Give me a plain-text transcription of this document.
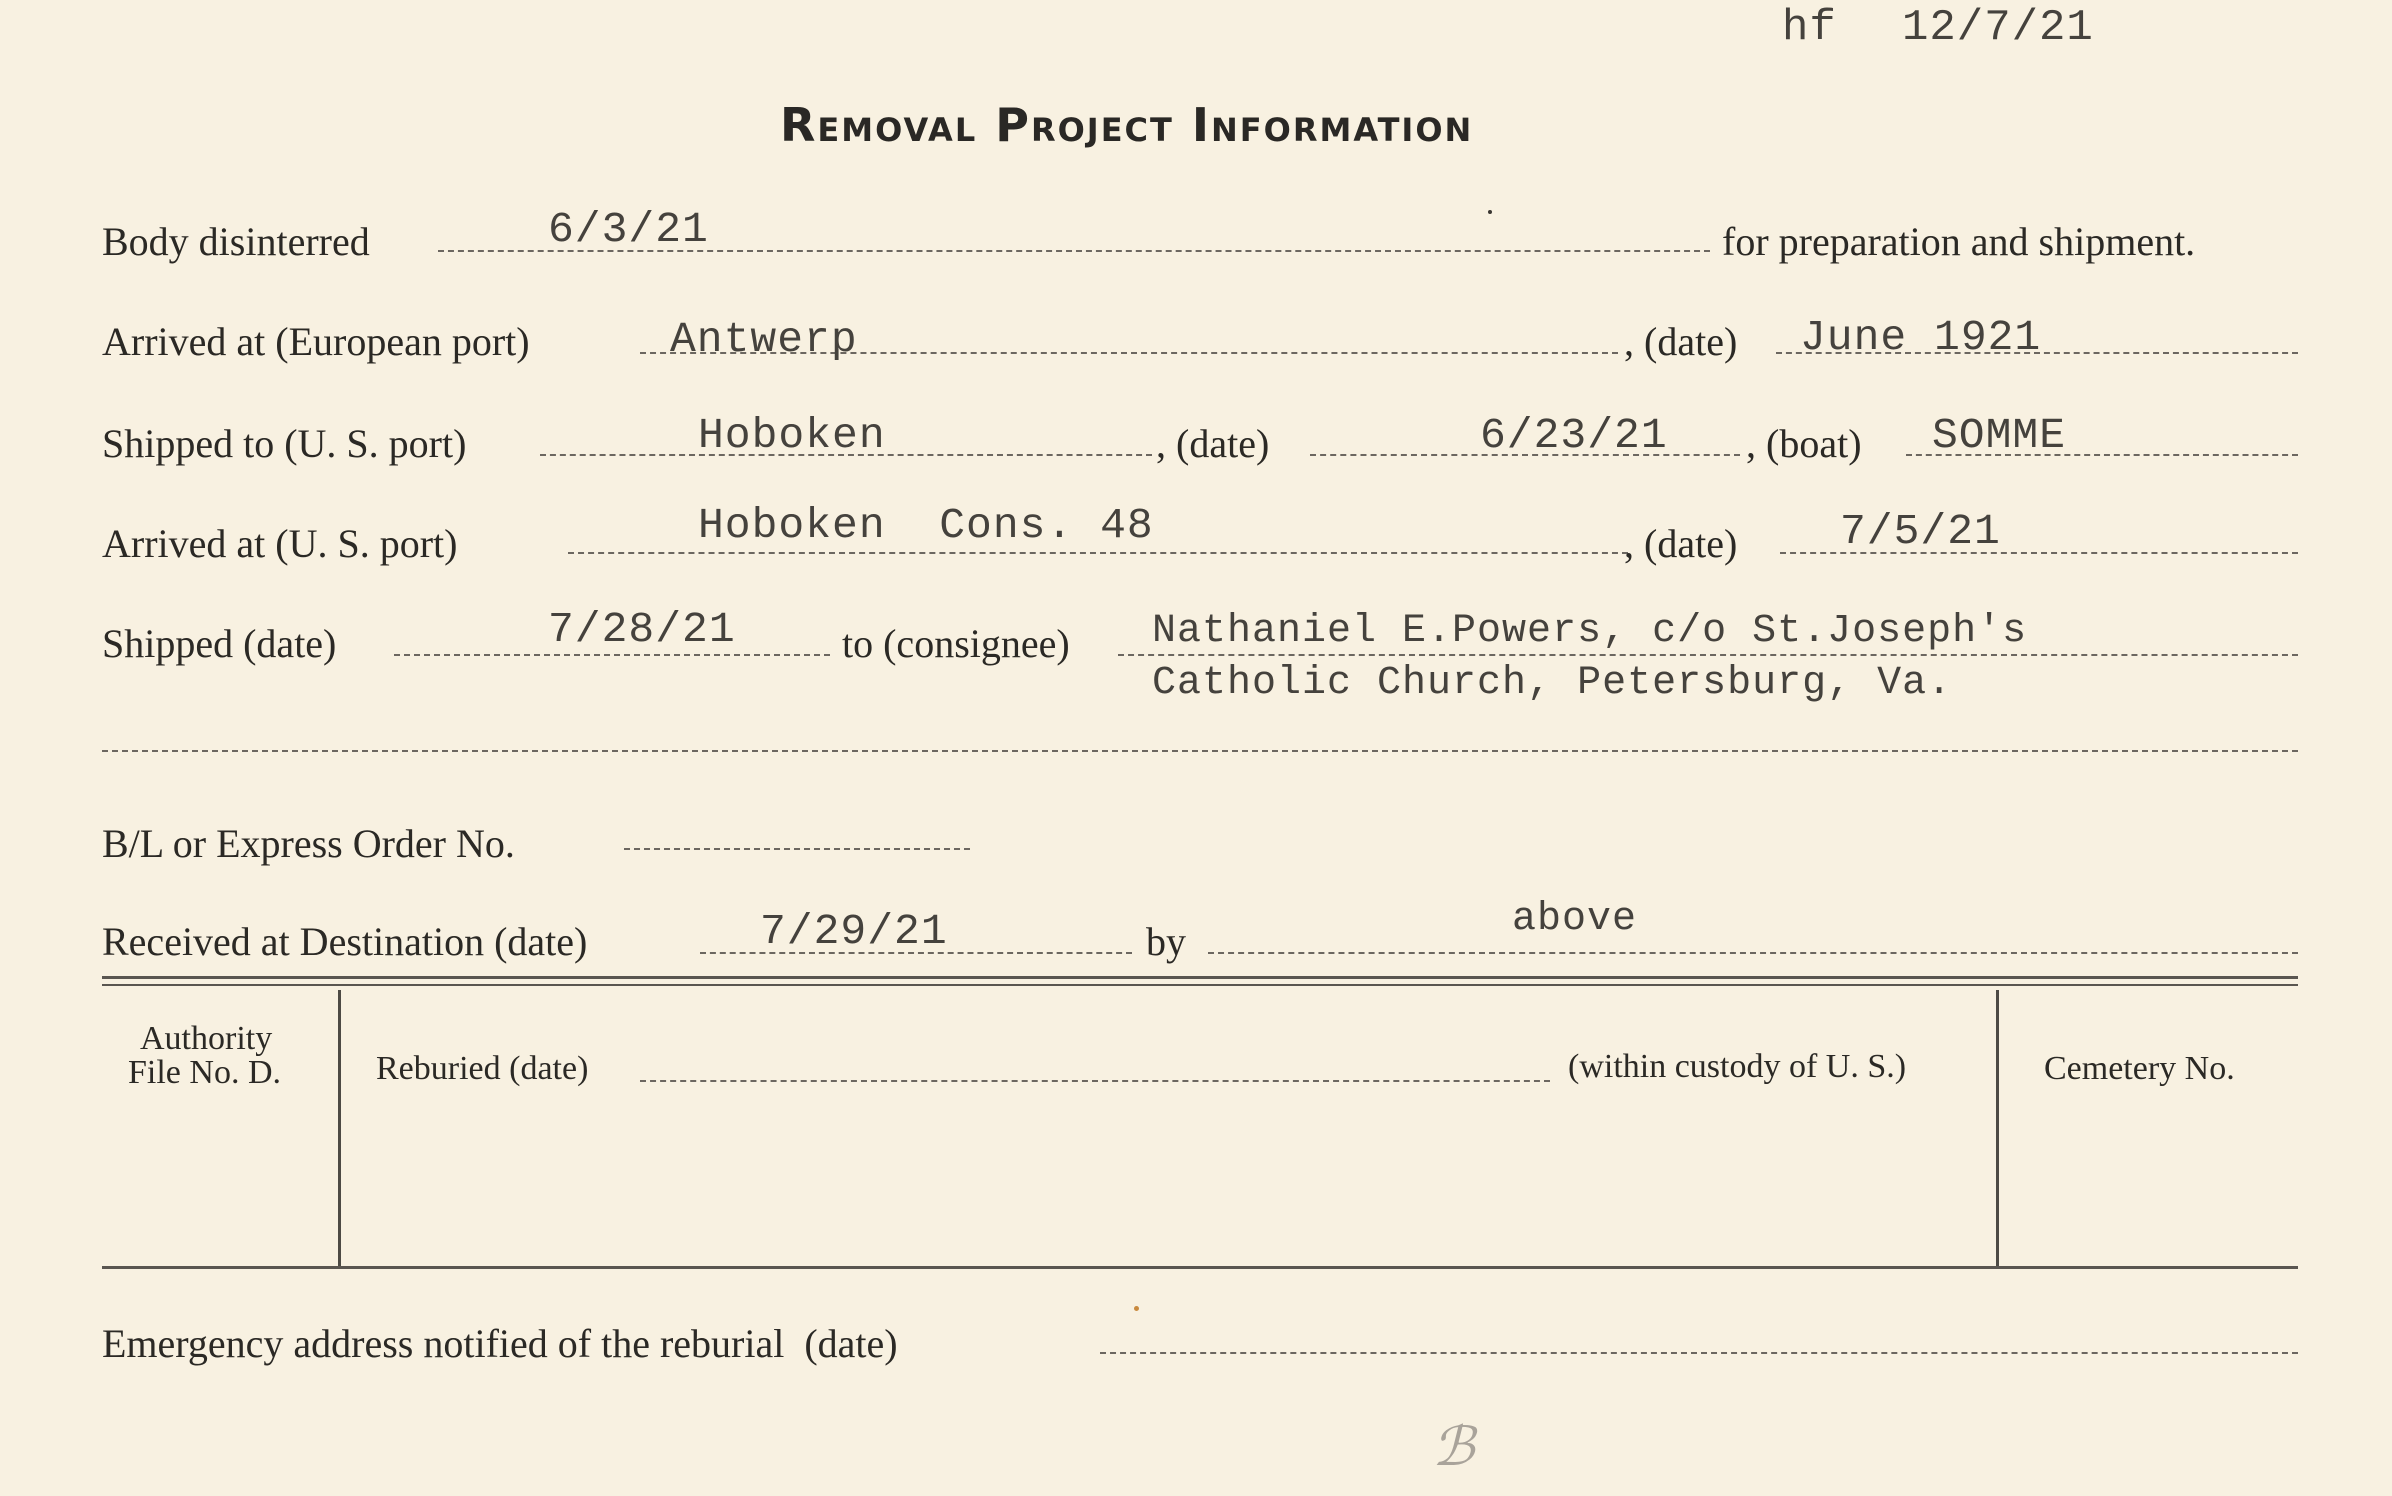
hf 12/7/21
Removal Project Information
Body disinterred	6/3/21	for preparation and shipment.
Arrived at (European port)	Antwerp	, (date) June 1921
Shipped to (U. S. port)	Hoboken	, (date)	6/23/21 , (boat) SOMME
Arrived at (U. S. port)	Hoboken  Cons. 48	, (date) 7/5/21
Shipped (date)	7/28/21	to (consignee) Nathaniel E.Powers, c/o St.Joseph's
Catholic Church, Petersburg, Va.
B/L or Express Order No.
Received at Destination (date)	7/29/21	by	above
Authority
File No. D.	Reburied (date)	(within custody of U. S.)	Cemetery No.
Emergency address notified of the reburial  (date)
ℬ
